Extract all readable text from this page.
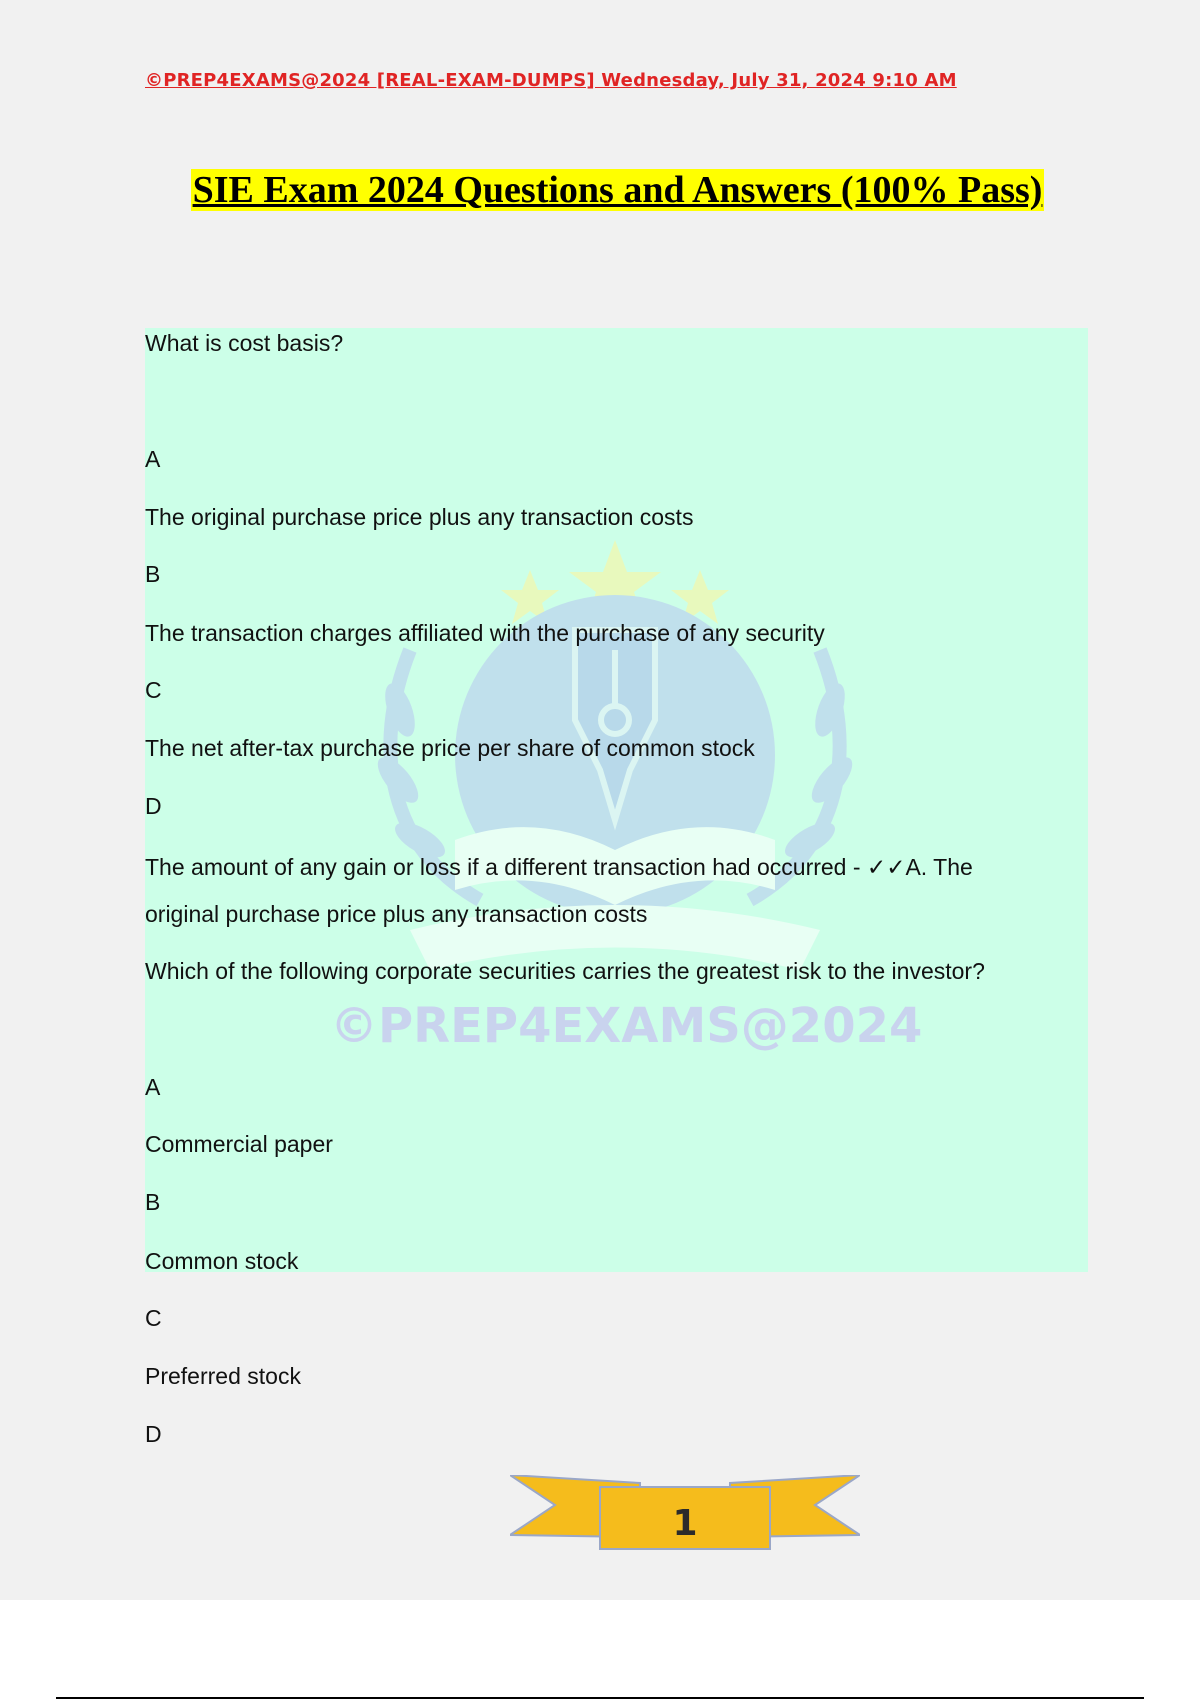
©PREP4EXAMS@2024 [REAL-EXAM-DUMPS] Wednesday, July 31, 2024 9:10 AM

SIE Exam 2024 Questions and Answers (100% Pass)
©PREP4EXAMS@2024

What is cost basis?

A

The original purchase price plus any transaction costs

B

The transaction charges affiliated with the purchase of any security

C

The net after-tax purchase price per share of common stock

D

The amount of any gain or loss if a different transaction had occurred - ✓✓A. The

original purchase price plus any transaction costs

Which of the following corporate securities carries the greatest risk to the investor?

A

Commercial paper

B

Common stock

C

Preferred stock

D

1
